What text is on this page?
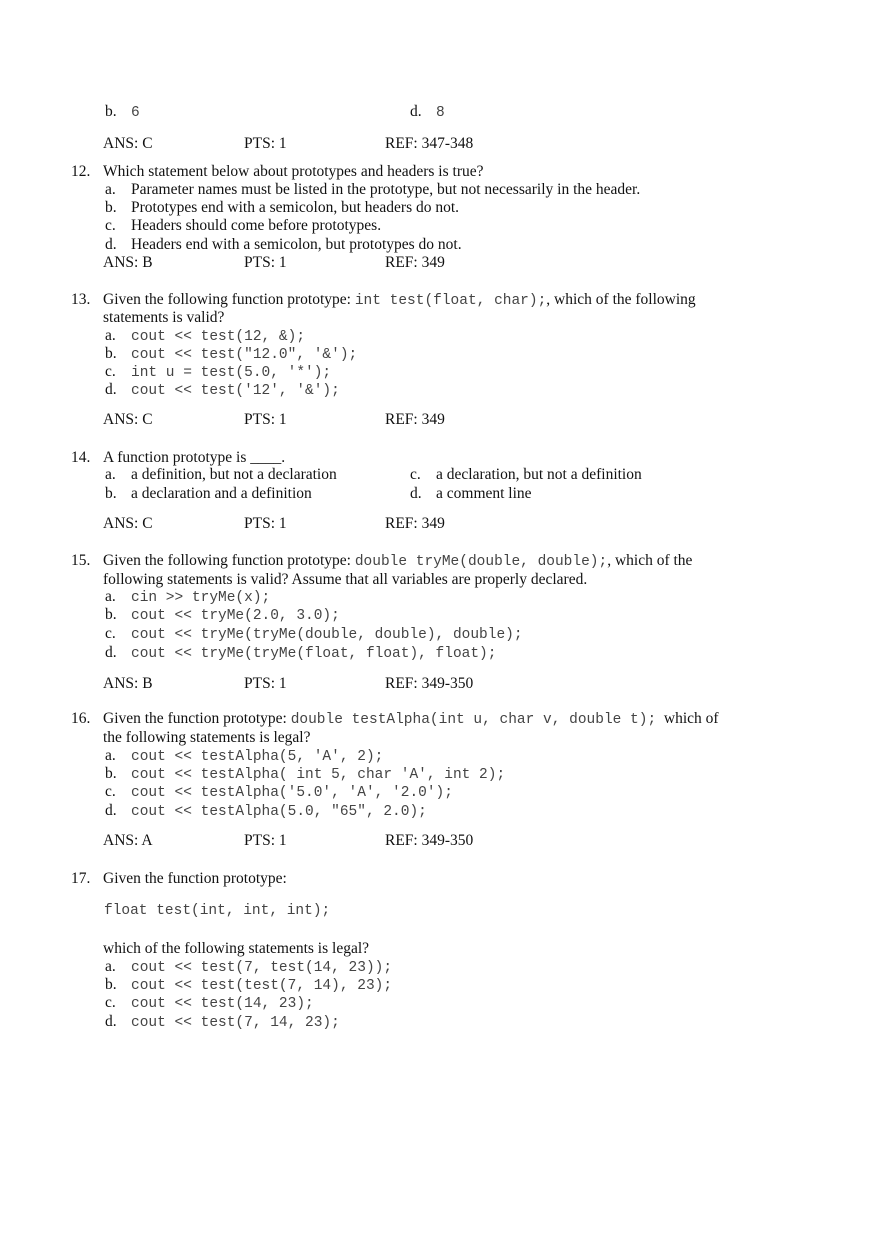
b. 6	d. 8
ANS: C	PTS: 1	REF: 347-348
12. Which statement below about prototypes and headers is true?
a. Parameter names must be listed in the prototype, but not necessarily in the header.
b. Prototypes end with a semicolon, but headers do not.
c. Headers should come before prototypes.
d. Headers end with a semicolon, but prototypes do not.
ANS: B	PTS: 1	REF: 349
13. Given the following function prototype: int test(float, char);, which of the following
statements is valid?
a. cout << test(12, &);
b. cout << test("12.0", '&');
c. int u = test(5.0, '*');
d. cout << test('12', '&');
ANS: C	PTS: 1	REF: 349
14. A function prototype is ____.
a. a definition, but not a declaration	c. a declaration, but not a definition
b. a declaration and a definition	d. a comment line
ANS: C	PTS: 1	REF: 349
15. Given the following function prototype: double tryMe(double, double);, which of the
following statements is valid? Assume that all variables are properly declared.
a. cin >> tryMe(x);
b. cout << tryMe(2.0, 3.0);
c. cout << tryMe(tryMe(double, double), double);
d. cout << tryMe(tryMe(float, float), float);
ANS: B	PTS: 1	REF: 349-350
16. Given the function prototype: double testAlpha(int u, char v, double t);  which of
the following statements is legal?
a. cout << testAlpha(5, 'A', 2);
b. cout << testAlpha( int 5, char 'A', int 2);
c. cout << testAlpha('5.0', 'A', '2.0');
d. cout << testAlpha(5.0, "65", 2.0);
ANS: A	PTS: 1	REF: 349-350
17. Given the function prototype:
float test(int, int, int);
which of the following statements is legal?
a. cout << test(7, test(14, 23));
b. cout << test(test(7, 14), 23);
c. cout << test(14, 23);
d. cout << test(7, 14, 23);
